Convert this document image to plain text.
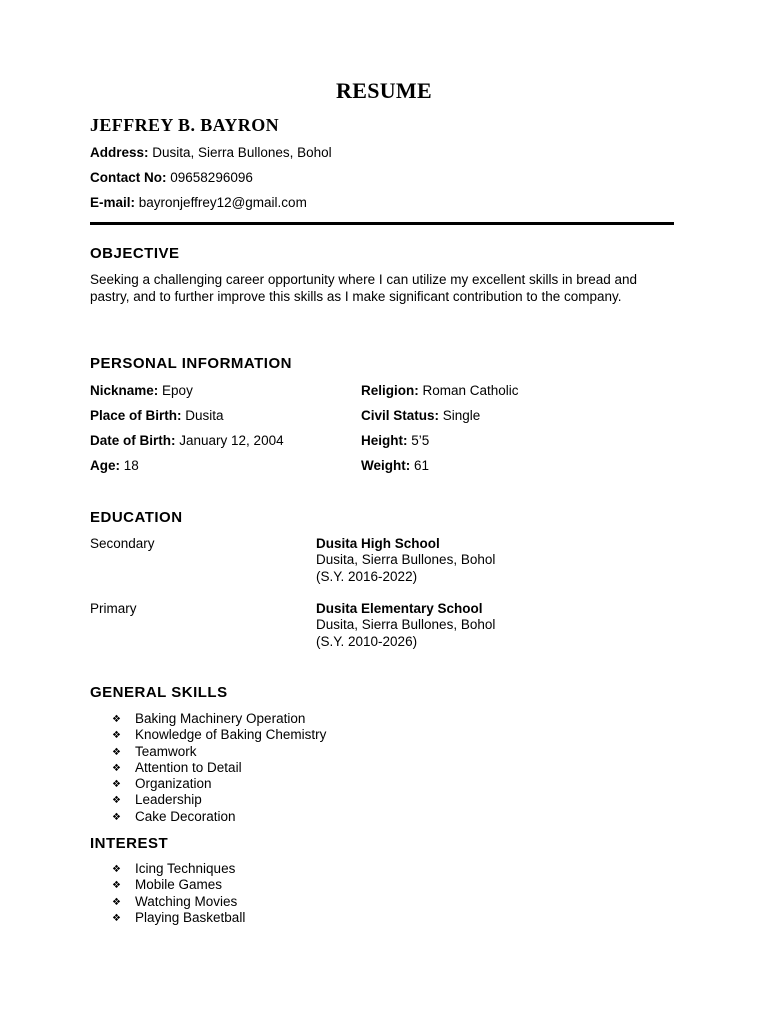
RESUME
JEFFREY B. BAYRON
Address: Dusita, Sierra Bullones, Bohol
Contact No: 09658296096
E-mail: bayronjeffrey12@gmail.com
OBJECTIVE
Seeking a challenging career opportunity where I can utilize my excellent skills in bread and pastry, and to further improve this skills as I make significant contribution to the company.
PERSONAL INFORMATION
Nickname: Epoy	Religion: Roman Catholic
Place of Birth: Dusita	Civil Status: Single
Date of Birth: January 12, 2004	Height: 5’5
Age: 18	Weight: 61
EDUCATION
Secondary	Dusita High School
Dusita, Sierra Bullones, Bohol
(S.Y. 2016-2022)
Primary	Dusita Elementary School
Dusita, Sierra Bullones, Bohol
(S.Y. 2010-2026)
GENERAL SKILLS
❖ Baking Machinery Operation
❖ Knowledge of Baking Chemistry
❖ Teamwork
❖ Attention to Detail
❖ Organization
❖ Leadership
❖ Cake Decoration
INTEREST
❖ Icing Techniques
❖ Mobile Games
❖ Watching Movies
❖ Playing Basketball
